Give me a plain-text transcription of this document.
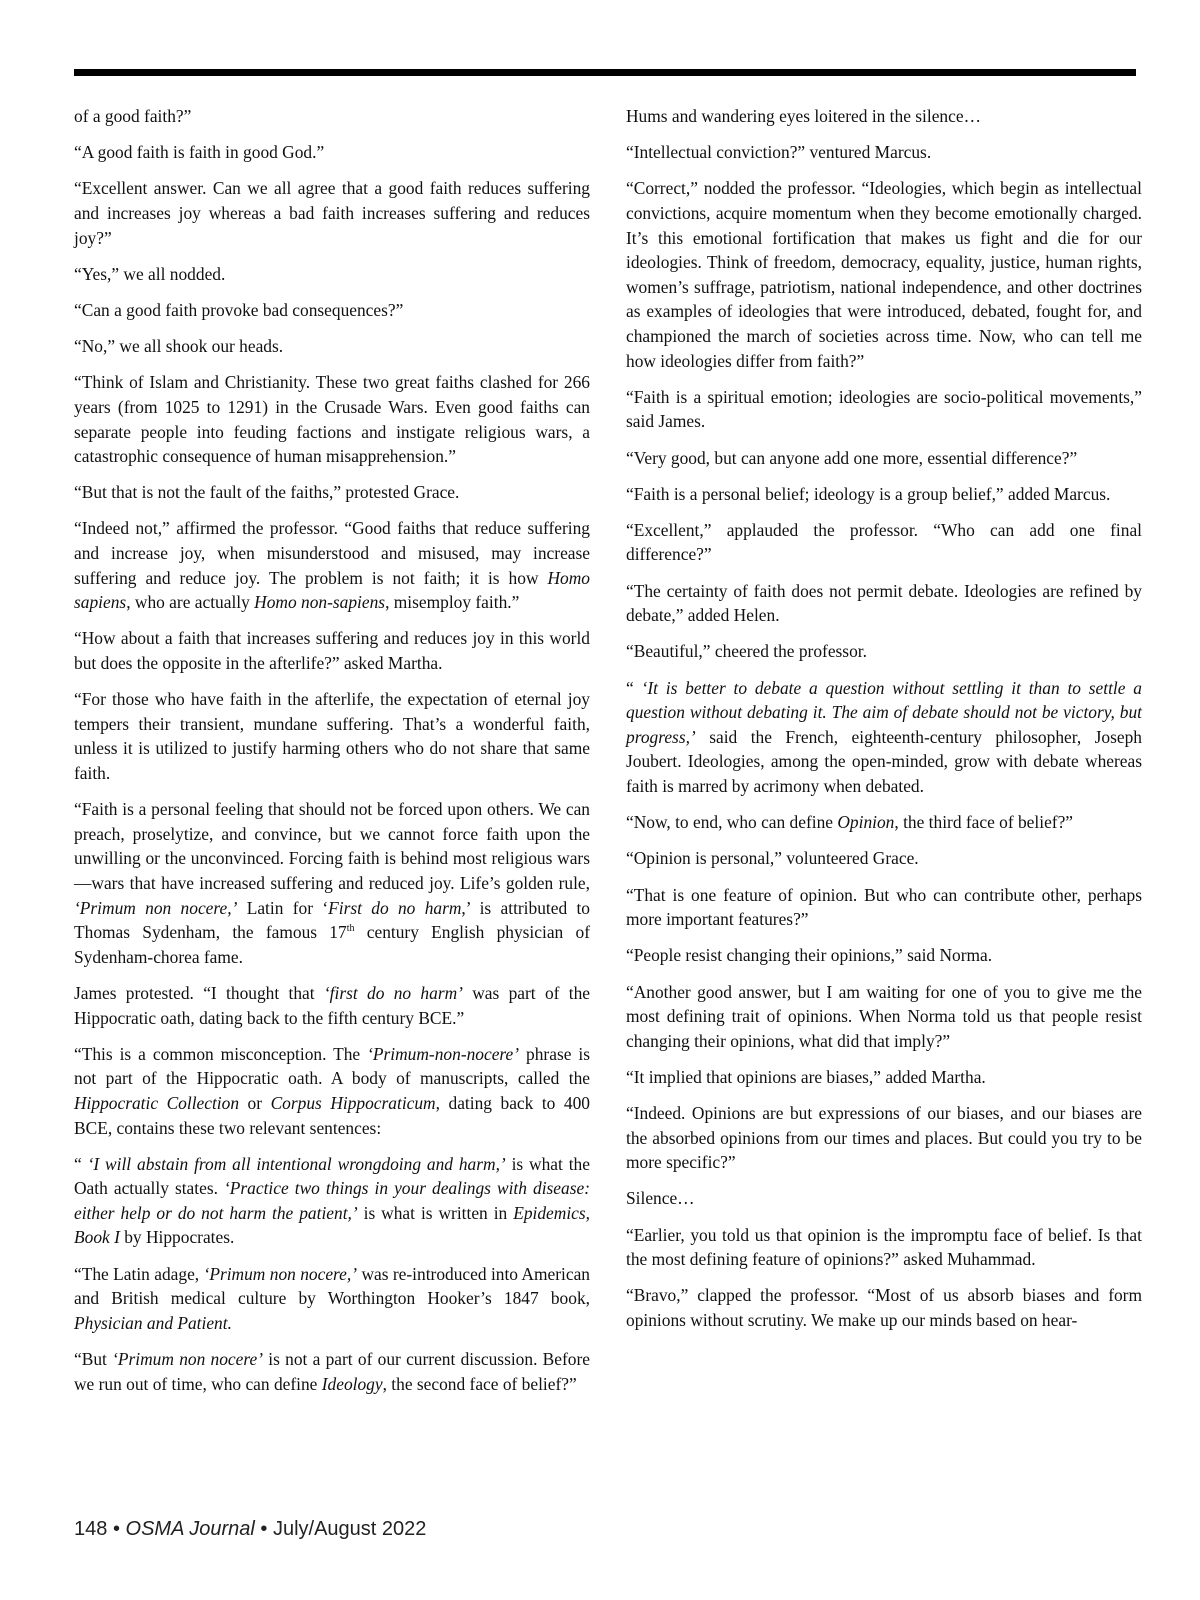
of a good faith?”

“A good faith is faith in good God.”

“Excellent answer. Can we all agree that a good faith reduces suffering and increases joy whereas a bad faith increases suffering and reduces joy?”

“Yes,” we all nodded.

“Can a good faith provoke bad consequences?”

“No,” we all shook our heads.

“Think of Islam and Christianity. These two great faiths clashed for 266 years (from 1025 to 1291) in the Crusade Wars. Even good faiths can separate people into feuding factions and instigate religious wars, a catastrophic consequence of human misapprehension.”

“But that is not the fault of the faiths,” protested Grace.

“Indeed not,” affirmed the professor. “Good faiths that reduce suffering and increase joy, when misunderstood and misused, may increase suffering and reduce joy. The problem is not faith; it is how Homo sapiens, who are actually Homo non-sapiens, misemploy faith.”

“How about a faith that increases suffering and reduces joy in this world but does the opposite in the afterlife?” asked Martha.

“For those who have faith in the afterlife, the expectation of eternal joy tempers their transient, mundane suffering. That’s a wonderful faith, unless it is utilized to justify harming others who do not share that same faith.

“Faith is a personal feeling that should not be forced upon others. We can preach, proselytize, and convince, but we cannot force faith upon the unwilling or the unconvinced. Forcing faith is behind most religious wars—wars that have increased suffering and reduced joy. Life’s golden rule, ‘Primum non nocere,’ Latin for ‘First do no harm,’ is attributed to Thomas Sydenham, the famous 17th century English physician of Sydenham-chorea fame.

James protested. “I thought that ‘first do no harm’ was part of the Hippocratic oath, dating back to the fifth century BCE.”

“This is a common misconception. The ‘Primum-non-nocere’ phrase is not part of the Hippocratic oath. A body of manuscripts, called the Hippocratic Collection or Corpus Hippocraticum, dating back to 400 BCE, contains these two relevant sentences:

“ ‘I will abstain from all intentional wrongdoing and harm,’ is what the Oath actually states. ‘Practice two things in your dealings with disease: either help or do not harm the patient,’ is what is written in Epidemics, Book I by Hippocrates.

“The Latin adage, ‘Primum non nocere,’ was re-introduced into American and British medical culture by Worthington Hooker’s 1847 book, Physician and Patient.

“But ‘Primum non nocere’ is not a part of our current discussion. Before we run out of time, who can define Ideology, the second face of belief?”

Hums and wandering eyes loitered in the silence…

“Intellectual conviction?” ventured Marcus.

“Correct,” nodded the professor. “Ideologies, which begin as intellectual convictions, acquire momentum when they become emotionally charged. It’s this emotional fortification that makes us fight and die for our ideologies. Think of freedom, democracy, equality, justice, human rights, women’s suffrage, patriotism, national independence, and other doctrines as examples of ideologies that were introduced, debated, fought for, and championed the march of societies across time. Now, who can tell me how ideologies differ from faith?”

“Faith is a spiritual emotion; ideologies are socio-political movements,” said James.

“Very good, but can anyone add one more, essential difference?”

“Faith is a personal belief; ideology is a group belief,” added Marcus.

“Excellent,” applauded the professor. “Who can add one final difference?”

“The certainty of faith does not permit debate. Ideologies are refined by debate,” added Helen.

“Beautiful,” cheered the professor.

“ ‘It is better to debate a question without settling it than to settle a question without debating it. The aim of debate should not be victory, but progress,’ said the French, eighteenth-century philosopher, Joseph Joubert. Ideologies, among the open-minded, grow with debate whereas faith is marred by acrimony when debated.

“Now, to end, who can define Opinion, the third face of belief?”

“Opinion is personal,” volunteered Grace.

“That is one feature of opinion. But who can contribute other, perhaps more important features?”

“People resist changing their opinions,” said Norma.

“Another good answer, but I am waiting for one of you to give me the most defining trait of opinions. When Norma told us that people resist changing their opinions, what did that imply?”

“It implied that opinions are biases,” added Martha.

“Indeed. Opinions are but expressions of our biases, and our biases are the absorbed opinions from our times and places. But could you try to be more specific?”

Silence…

“Earlier, you told us that opinion is the impromptu face of belief. Is that the most defining feature of opinions?” asked Muhammad.

“Bravo,” clapped the professor. “Most of us absorb biases and form opinions without scrutiny. We make up our minds based on hear-

148 • OSMA Journal • July/August 2022
